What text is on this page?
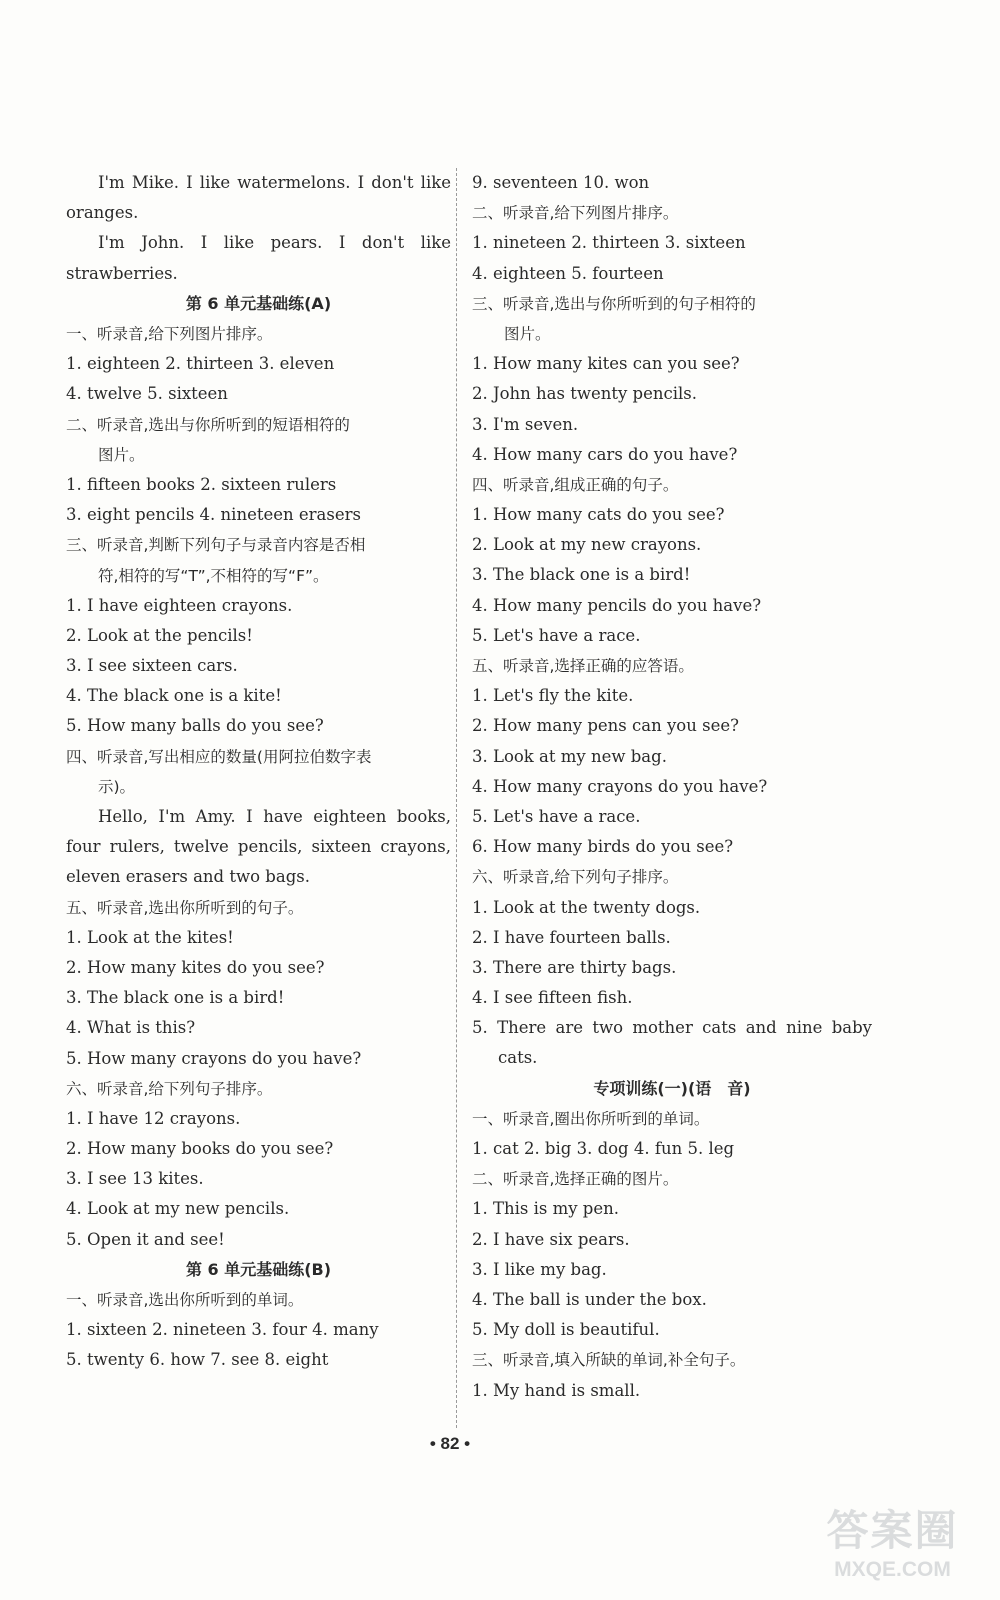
I'm Mike. I like watermelons. I don't like oranges.
I'm John. I like pears. I don't like strawberries.
第 6 单元基础练(A)
一、听录音,给下列图片排序。
1. eighteen 2. thirteen 3. eleven
4. twelve 5. sixteen
二、听录音,选出与你所听到的短语相符的
图片。
1. fifteen books 2. sixteen rulers
3. eight pencils 4. nineteen erasers
三、听录音,判断下列句子与录音内容是否相
符,相符的写“T”,不相符的写“F”。
1. I have eighteen crayons.
2. Look at the pencils!
3. I see sixteen cars.
4. The black one is a kite!
5. How many balls do you see?
四、听录音,写出相应的数量(用阿拉伯数字表
示)。
Hello, I'm Amy. I have eighteen books, four rulers, twelve pencils, sixteen crayons, eleven erasers and two bags.
五、听录音,选出你所听到的句子。
1. Look at the kites!
2. How many kites do you see?
3. The black one is a bird!
4. What is this?
5. How many crayons do you have?
六、听录音,给下列句子排序。
1. I have 12 crayons.
2. How many books do you see?
3. I see 13 kites.
4. Look at my new pencils.
5. Open it and see!
第 6 单元基础练(B)
一、听录音,选出你所听到的单词。
1. sixteen 2. nineteen 3. four 4. many
5. twenty 6. how 7. see 8. eight
9. seventeen 10. won
二、听录音,给下列图片排序。
1. nineteen 2. thirteen 3. sixteen
4. eighteen 5. fourteen
三、听录音,选出与你所听到的句子相符的
图片。
1. How many kites can you see?
2. John has twenty pencils.
3. I'm seven.
4. How many cars do you have?
四、听录音,组成正确的句子。
1. How many cats do you see?
2. Look at my new crayons.
3. The black one is a bird!
4. How many pencils do you have?
5. Let's have a race.
五、听录音,选择正确的应答语。
1. Let's fly the kite.
2. How many pens can you see?
3. Look at my new bag.
4. How many crayons do you have?
5. Let's have a race.
6. How many birds do you see?
六、听录音,给下列句子排序。
1. Look at the twenty dogs.
2. I have fourteen balls.
3. There are thirty bags.
4. I see fifteen fish.
5. There are two mother cats and nine baby cats.
专项训练(一)(语　音)
一、听录音,圈出你所听到的单词。
1. cat 2. big 3. dog 4. fun 5. leg
二、听录音,选择正确的图片。
1. This is my pen.
2. I have six pears.
3. I like my bag.
4. The ball is under the box.
5. My doll is beautiful.
三、听录音,填入所缺的单词,补全句子。
1. My hand is small.
• 82 •
答案圈
MXQE.COM
